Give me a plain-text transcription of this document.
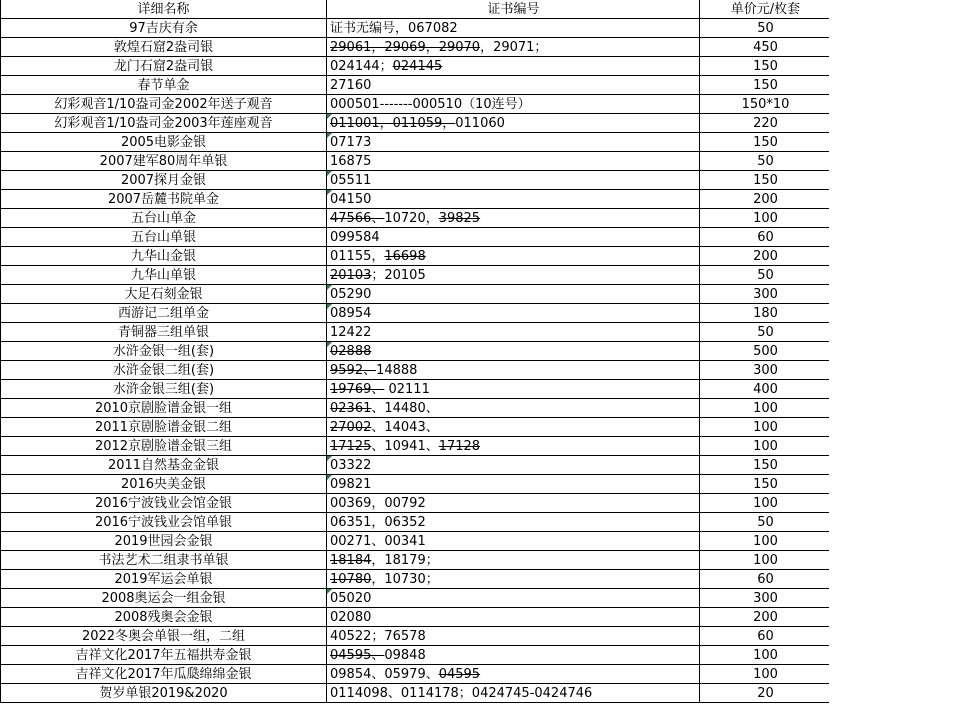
详细名称	证书编号	单价元/枚套
97吉庆有余	证书无编号，067082	50
敦煌石窟2盎司银	29061，29069，29070，29071；	450
龙门石窟2盎司银	024144；024145	150
春节单金	27160	150
幻彩观音1/10盎司金2002年送子观音	000501-------000510（10连号）	150*10
幻彩观音1/10盎司金2003年莲座观音	011001，011059，011060	220
2005电影金银	07173	150
2007建军80周年单银	16875	50
2007探月金银	05511	150
2007岳麓书院单金	04150	200
五台山单金	47566、10720，39825	100
五台山单银	099584	60
九华山金银	01155，16698	200
九华山单银	20103；20105	50
大足石刻金银	05290	300
西游记二组单金	08954	180
青铜器三组单银	12422	50
水浒金银一组(套)	02888	500
水浒金银二组(套)	9592、14888	300
水浒金银三组(套)	19769、 02111	400
2010京剧脸谱金银一组	02361、14480、	100
2011京剧脸谱金银二组	27002、14043、	100
2012京剧脸谱金银三组	17125、10941、17128	100
2011自然基金金银	03322	150
2016央美金银	09821	150
2016宁波钱业会馆金银	00369，00792	100
2016宁波钱业会馆单银	06351，06352	50
2019世园会金银	00271、00341	100
书法艺术二组隶书单银	18184，18179；	100
2019军运会单银	10780，10730；	60
2008奥运会一组金银	05020	300
2008残奥会金银	02080	200
2022冬奥会单银一组，二组	40522；76578	60
吉祥文化2017年五福拱寿金银	04595、09848	100
吉祥文化2017年瓜瓞绵绵金银	09854、05979、04595	100
贺岁单银2019&2020	0114098、0114178；0424745-0424746	20
